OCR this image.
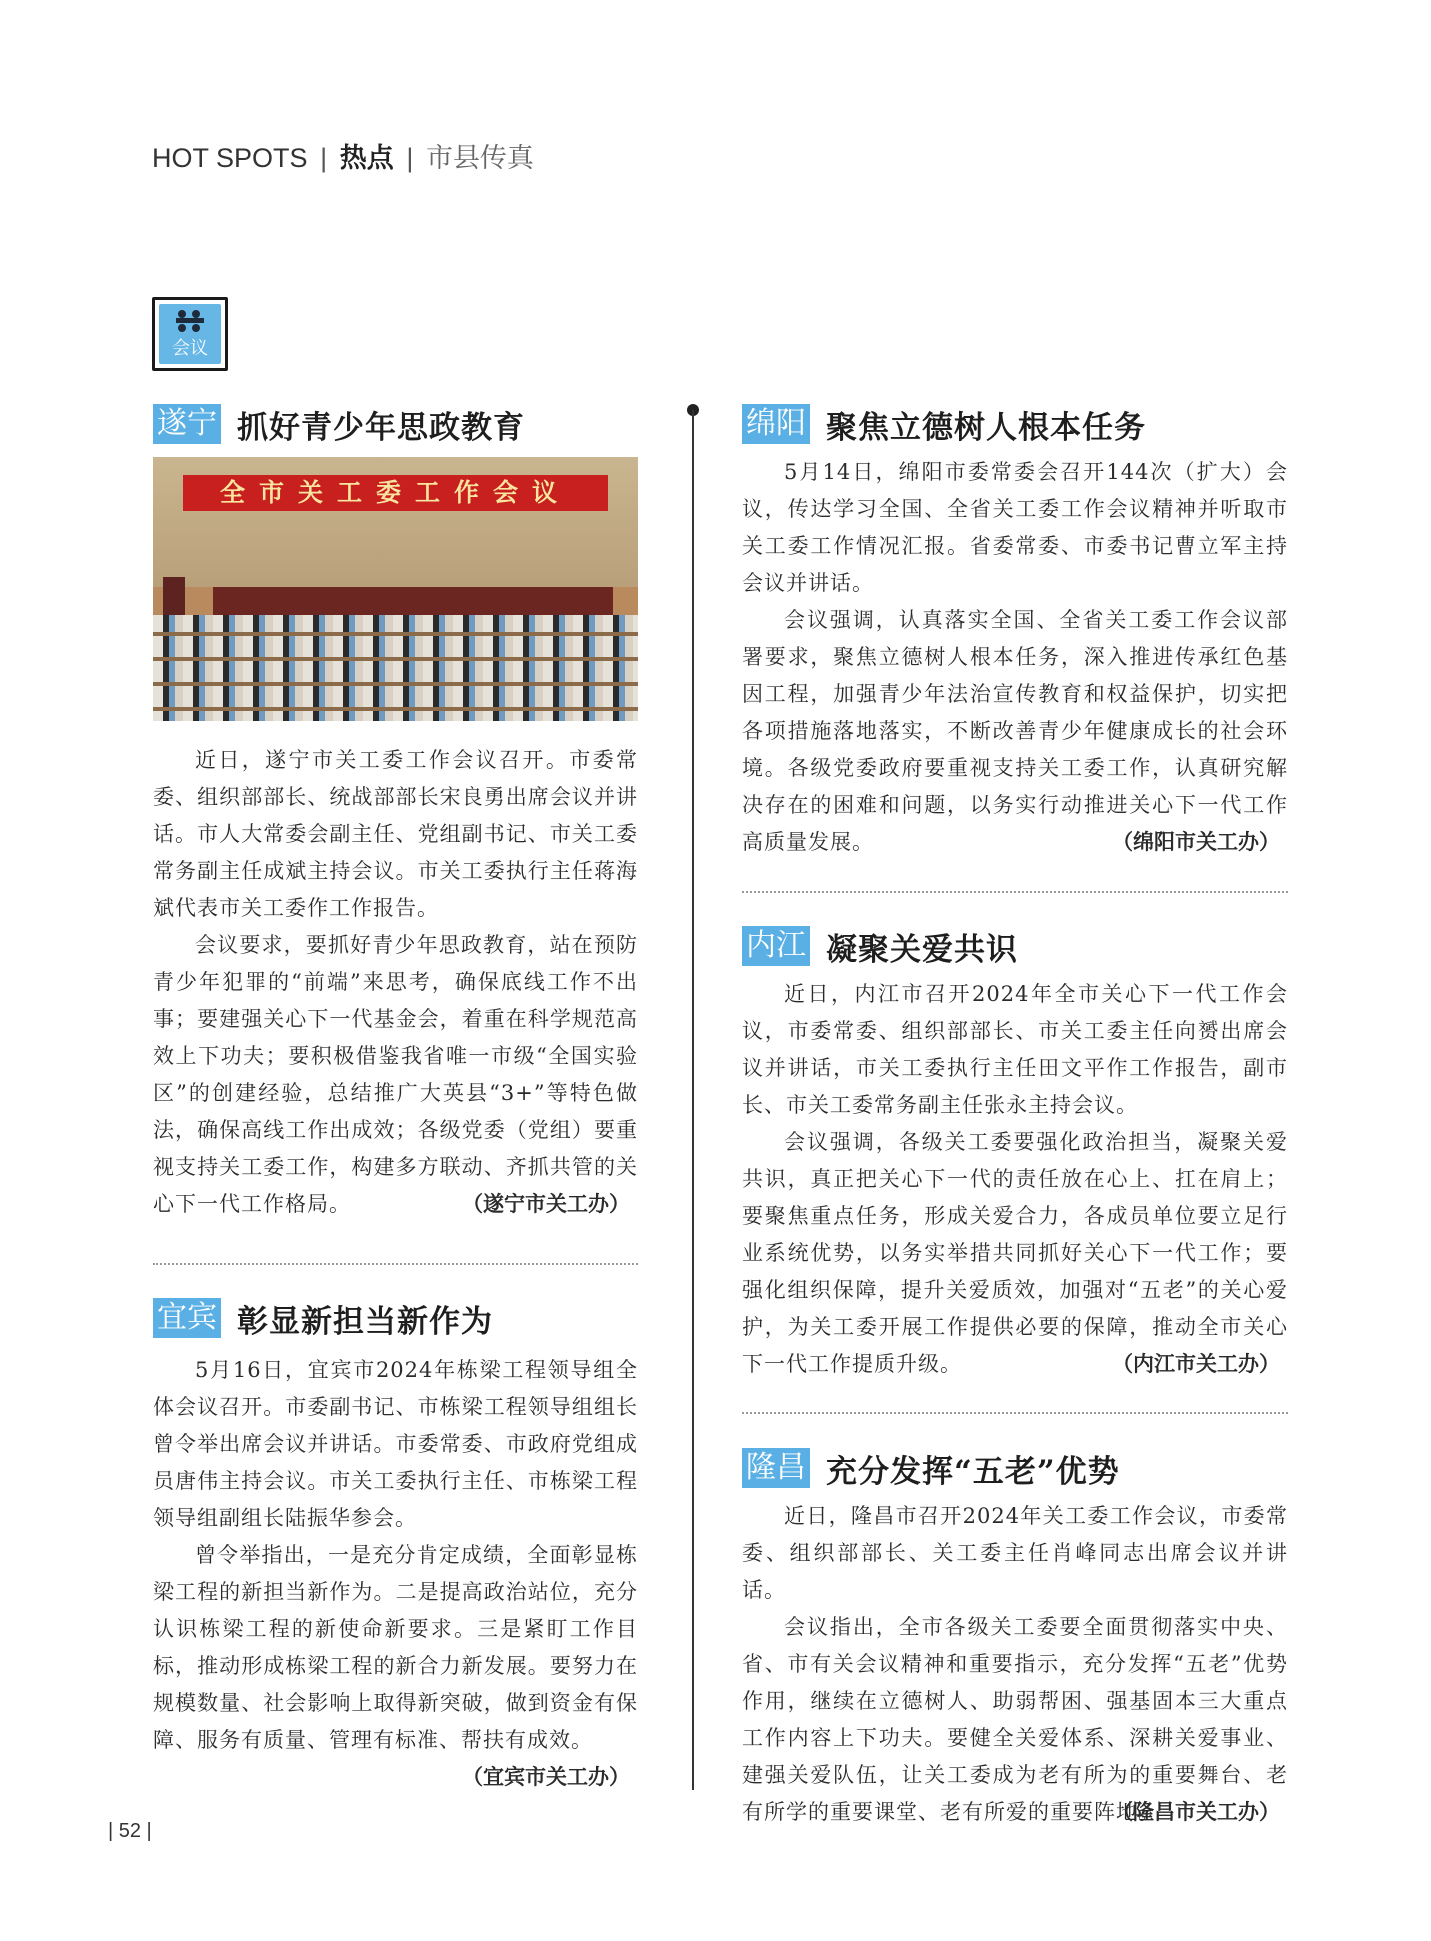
HOT SPOTS | 热点 | 市县传真
会议
遂宁 抓好青少年思政教育
全市关工委工作会议

近日，遂宁市关工委工作会议召开。市委常委、组织部部长、统战部部长宋良勇出席会议并讲话。市人大常委会副主任、党组副书记、市关工委常务副主任成斌主持会议。市关工委执行主任蒋海斌代表市关工委作工作报告。

会议要求，要抓好青少年思政教育，站在预防青少年犯罪的“前端”来思考，确保底线工作不出事；要建强关心下一代基金会，着重在科学规范高效上下功夫；要积极借鉴我省唯一市级“全国实验区”的创建经验，总结推广大英县“3+”等特色做法，确保高线工作出成效；各级党委（党组）要重视支持关工委工作，构建多方联动、齐抓共管的关心下一代工作格局。	（遂宁市关工办）
宜宾 彰显新担当新作为

5月16日，宜宾市2024年栋梁工程领导组全体会议召开。市委副书记、市栋梁工程领导组组长曾令举出席会议并讲话。市委常委、市政府党组成员唐伟主持会议。市关工委执行主任、市栋梁工程领导组副组长陆振华参会。

曾令举指出，一是充分肯定成绩，全面彰显栋梁工程的新担当新作为。二是提高政治站位，充分认识栋梁工程的新使命新要求。三是紧盯工作目标，推动形成栋梁工程的新合力新发展。要努力在规模数量、社会影响上取得新突破，做到资金有保障、服务有质量、管理有标准、帮扶有成效。

（宜宾市关工办）
绵阳 聚焦立德树人根本任务

5月14日，绵阳市委常委会召开144次（扩大）会议，传达学习全国、全省关工委工作会议精神并听取市关工委工作情况汇报。省委常委、市委书记曹立军主持会议并讲话。

会议强调，认真落实全国、全省关工委工作会议部署要求，聚焦立德树人根本任务，深入推进传承红色基因工程，加强青少年法治宣传教育和权益保护，切实把各项措施落地落实，不断改善青少年健康成长的社会环境。各级党委政府要重视支持关工委工作，认真研究解决存在的困难和问题，以务实行动推进关心下一代工作高质量发展。	（绵阳市关工办）
内江 凝聚关爱共识

近日，内江市召开2024年全市关心下一代工作会议，市委常委、组织部部长、市关工委主任向赟出席会议并讲话，市关工委执行主任田文平作工作报告，副市长、市关工委常务副主任张永主持会议。

会议强调，各级关工委要强化政治担当，凝聚关爱共识，真正把关心下一代的责任放在心上、扛在肩上；要聚焦重点任务，形成关爱合力，各成员单位要立足行业系统优势，以务实举措共同抓好关心下一代工作；要强化组织保障，提升关爱质效，加强对“五老”的关心爱护，为关工委开展工作提供必要的保障，推动全市关心下一代工作提质升级。	（内江市关工办）
隆昌 充分发挥“五老”优势

近日，隆昌市召开2024年关工委工作会议，市委常委、组织部部长、关工委主任肖峰同志出席会议并讲话。

会议指出，全市各级关工委要全面贯彻落实中央、省、市有关会议精神和重要指示，充分发挥“五老”优势作用，继续在立德树人、助弱帮困、强基固本三大重点工作内容上下功夫。要健全关爱体系、深耕关爱事业、建强关爱队伍，让关工委成为老有所为的重要舞台、老有所学的重要课堂、老有所爱的重要阵地。

（隆昌市关工办）
| 52 |
